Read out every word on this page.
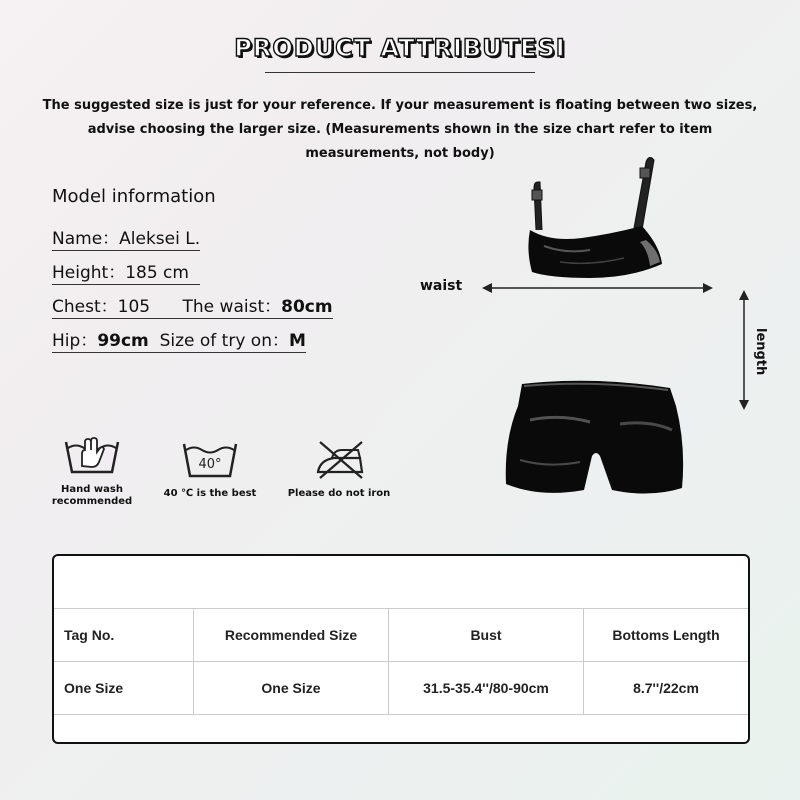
PRODUCT ATTRIBUTESI
The suggested size is just for your reference. If your measurement is floating between two sizes, advise choosing the larger size. (Measurements shown in the size chart refer to item measurements, not body)
Model information
Name：Aleksei L.
Height：185 cm
Chest：105 The waist：80cm
Hip：99cm Size of try on：M
Hand wash recommended
40°
40 ℃ is the best	Please do not iron
waist
length
Tag No.	Recommended Size	Bust	Bottoms Length
One Size	One Size	31.5-35.4''/80-90cm	8.7''/22cm
